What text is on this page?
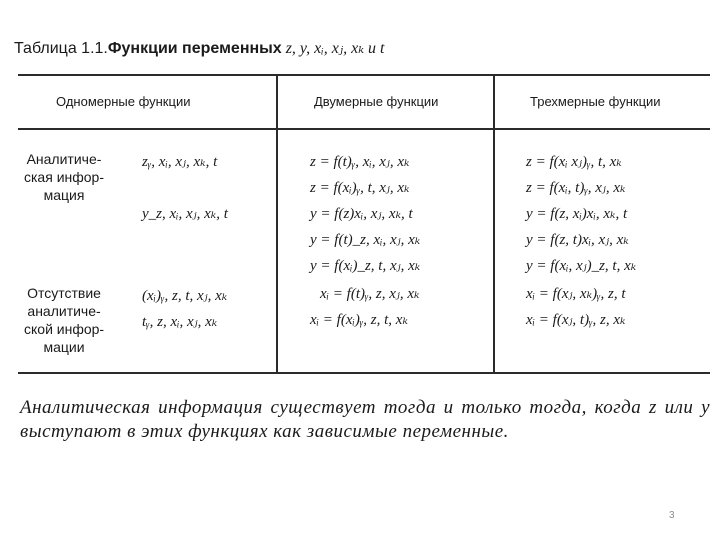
Таблица 1.1.Функции переменных z, y, xᵢ, xⱼ, xₖ и t
Одномерные функции	Двумерные функции	Трехмерные функции
Аналитиче-
ская инфор-
мация
Отсутствие
аналитиче-
ской инфор-
мации
zᵧ, xᵢ, xⱼ, xₖ, t
y_z, xᵢ, xⱼ, xₖ, t
(xᵢ)ᵧ, z, t, xⱼ, xₖ
tᵧ, z, xᵢ, xⱼ, xₖ
z = f(t)ᵧ, xᵢ, xⱼ, xₖ
z = f(xᵢ)ᵧ, t, xⱼ, xₖ
y = f(z)xᵢ, xⱼ, xₖ, t
y = f(t)_z, xᵢ, xⱼ, xₖ
y = f(xᵢ)_z, t, xⱼ, xₖ
xᵢ = f(t)ᵧ, z, xⱼ, xₖ
xᵢ = f(xᵢ)ᵧ, z, t, xₖ
z = f(xᵢ xⱼ)ᵧ, t, xₖ
z = f(xᵢ, t)ᵧ, xⱼ, xₖ
y = f(z, xᵢ)xᵢ, xₖ, t
y = f(z, t)xᵢ, xⱼ, xₖ
y = f(xᵢ, xⱼ)_z, t, xₖ
xᵢ = f(xⱼ, xₖ)ᵧ, z, t
xᵢ = f(xⱼ, t)ᵧ, z, xₖ
Аналитическая информация существует тогда и только тогда, когда z или y выступают в этих функциях как зависимые переменные.
3
